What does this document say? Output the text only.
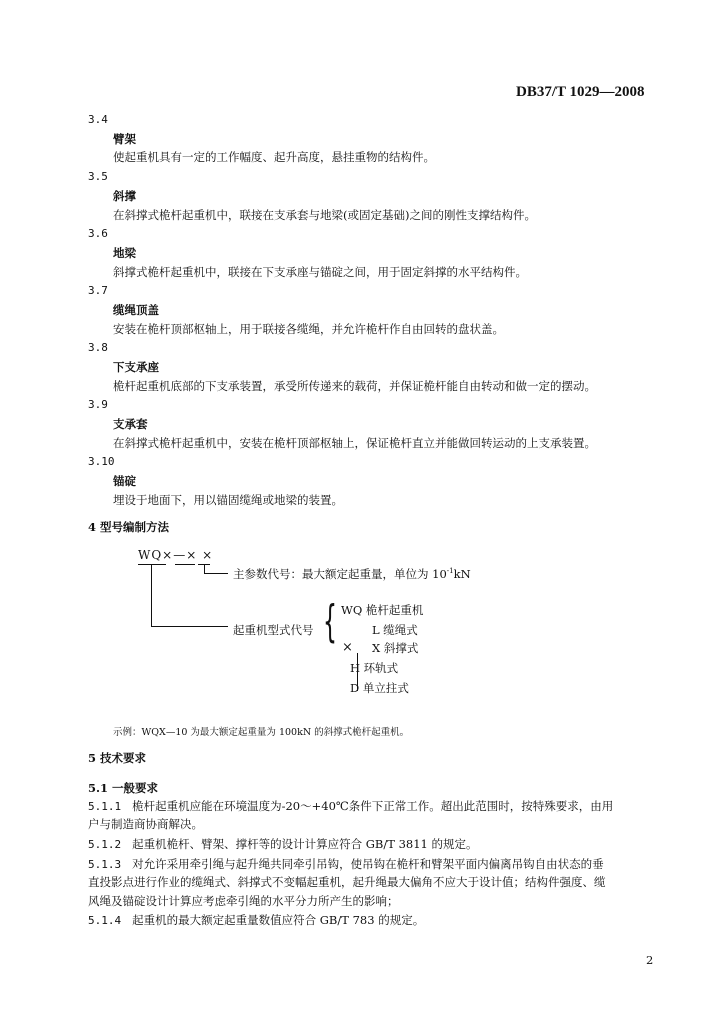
DB37/T 1029—2008
3.4
臂架
使起重机具有一定的工作幅度、起升高度，悬挂重物的结构件。
3.5
斜撑
在斜撑式桅杆起重机中，联接在支承套与地梁(或固定基础)之间的刚性支撑结构件。
3.6
地梁
斜撑式桅杆起重机中，联接在下支承座与锚碇之间，用于固定斜撑的水平结构件。
3.7
缆绳顶盖
安装在桅杆顶部枢轴上，用于联接各缆绳，并允许桅杆作自由回转的盘状盖。
3.8
下支承座
桅杆起重机底部的下支承装置，承受所传递来的载荷，并保证桅杆能自由转动和做一定的摆动。
3.9
支承套
在斜撑式桅杆起重机中，安装在桅杆顶部枢轴上，保证桅杆直立并能做回转运动的上支承装置。
3.10
锚碇
埋设于地面下，用以锚固缆绳或地梁的装置。
4 型号编制方法
WQ×—× ×
主参数代号：最大额定起重量，单位为 $10^{-1}kN$
起重机型式代号 { WQ 桅杆起重机
L 缆绳式
× X 斜撑式
H 环轨式
D 单立拄式
示例：WQX—10 为最大额定起重量为 100kN 的斜撑式桅杆起重机。
5 技术要求
5.1 一般要求
5.1.1 桅杆起重机应能在环境温度为-20～+40℃条件下正常工作。超出此范围时，按特殊要求，由用
户与制造商协商解决。
5.1.2 起重机桅杆、臂架、撑杆等的设计计算应符合 GB/T 3811 的规定。
5.1.3 对允许采用牵引绳与起升绳共同牵引吊钩，使吊钩在桅杆和臂架平面内偏离吊钩自由状态的垂
直投影点进行作业的缆绳式、斜撑式不变幅起重机，起升绳最大偏角不应大于设计值；结构件强度、缆
风绳及锚碇设计计算应考虑牵引绳的水平分力所产生的影响；
5.1.4 起重机的最大额定起重量数值应符合 GB/T 783 的规定。
2
